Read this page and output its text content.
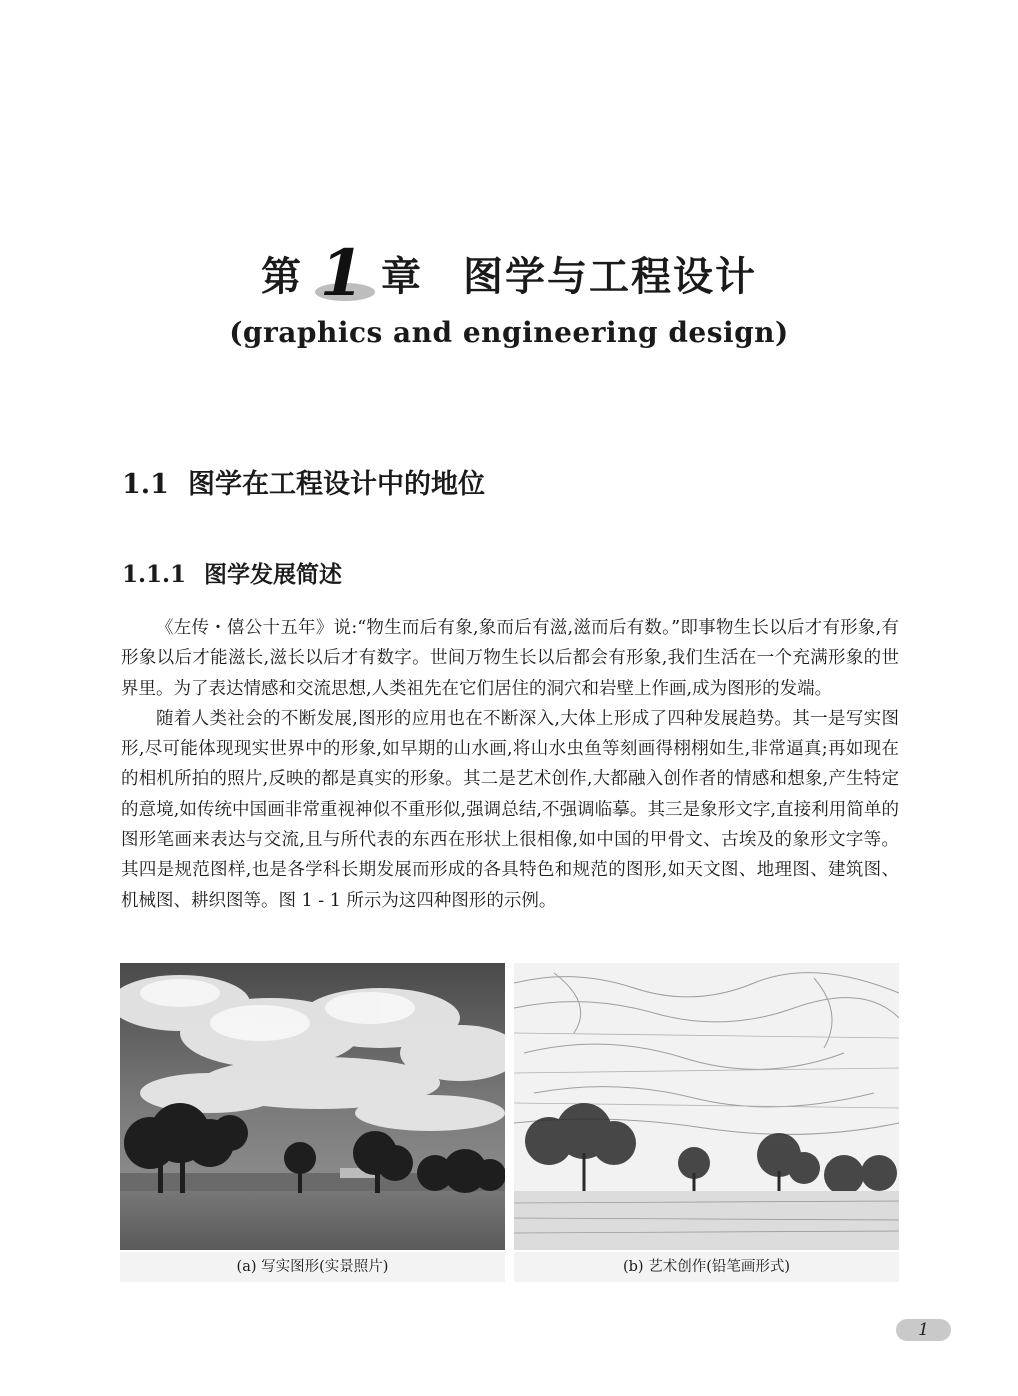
第 1 章 图学与工程设计
(graphics and engineering design)
1.1 图学在工程设计中的地位
1.1.1 图学发展简述

《左传・僖公十五年》说:“物生而后有象,象而后有滋,滋而后有数。”即事物生长以后才有形象,有形象以后才能滋长,滋长以后才有数字。世间万物生长以后都会有形象,我们生活在一个充满形象的世界里。为了表达情感和交流思想,人类祖先在它们居住的洞穴和岩壁上作画,成为图形的发端。

随着人类社会的不断发展,图形的应用也在不断深入,大体上形成了四种发展趋势。其一是写实图形,尽可能体现现实世界中的形象,如早期的山水画,将山水虫鱼等刻画得栩栩如生,非常逼真;再如现在的相机所拍的照片,反映的都是真实的形象。其二是艺术创作,大都融入创作者的情感和想象,产生特定的意境,如传统中国画非常重视神似不重形似,强调总结,不强调临摹。其三是象形文字,直接利用简单的图形笔画来表达与交流,且与所代表的东西在形状上很相像,如中国的甲骨文、古埃及的象形文字等。其四是规范图样,也是各学科长期发展而形成的各具特色和规范的图形,如天文图、地理图、建筑图、机械图、耕织图等。图 1 - 1 所示为这四种图形的示例。

(a) 写实图形(实景照片)	(b) 艺术创作(铅笔画形式)
1
